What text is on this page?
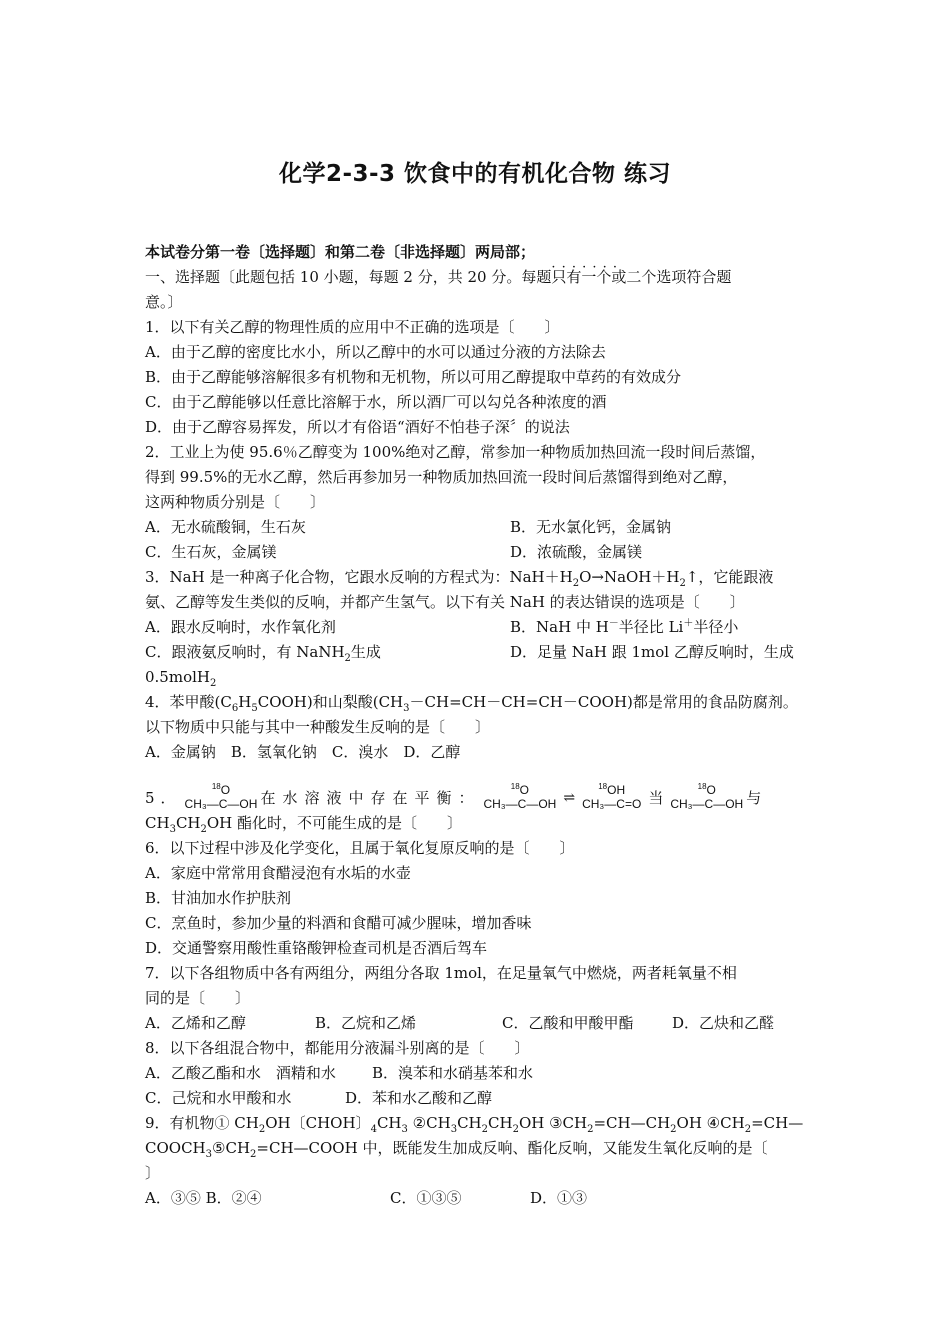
化学2-3-3 饮食中的有机化合物 练习

本试卷分第一卷〔选择题〕和第二卷〔非选择题〕两局部；

一、选择题〔此题包括 10 小题，每题 2 分，共 20 分。每题· · · 只有一个或二个选项符合题

意。〕

1．以下有关乙醇的物理性质的应用中不正确的选项是〔　　〕

A．由于乙醇的密度比水小，所以乙醇中的水可以通过分液的方法除去

B．由于乙醇能够溶解很多有机物和无机物，所以可用乙醇提取中草药的有效成分

C．由于乙醇能够以任意比溶解于水，所以酒厂可以勾兑各种浓度的酒

D．由于乙醇容易挥发，所以才有俗语“酒好不怕巷子深〞的说法

2．工业上为使 95.6％乙醇变为 100%绝对乙醇，常参加一种物质加热回流一段时间后蒸馏，

得到 99.5%的无水乙醇，然后再参加另一种物质加热回流一段时间后蒸馏得到绝对乙醇，

这两种物质分别是〔　　〕

A．无水硫酸铜，生石灰	B．无水氯化钙，金属钠
C．生石灰，金属镁	D．浓硫酸，金属镁

3．NaH 是一种离子化合物，它跟水反响的方程式为：$NaH+H_2O\to NaOH+H_2↑$，它能跟液

氨、乙醇等发生类似的反响，并都产生氢气。以下有关 NaH 的表达错误的选项是〔　　〕

A．跟水反响时，水作氧化剂	B．NaH 中 H－半径比 Li＋半径小
C．跟液氨反响时，有 NaNH$_2$生成	D．足量 NaH 跟 1mol 乙醇反响时，生成

0.5molH$_2$

4．苯甲酸$(C_6H_5COOH)$和山梨酸$(CH_3-CH=CH-CH=CH-COOH)$都是常用的食品防腐剂。

以下物质中只能与其中一种酸发生反响的是〔　　〕

A．金属钠　B．氢氧化钠　C．溴水　D．乙醇

5．
$^{18}$O
CH₃—C—OH 在水溶液中存在平衡：
$^{18}$O
CH₃—C—OH ⇌
$^{18}$OH
CH₃—C=O 当
$^{18}$O
CH₃—C—OH 与

$CH_3CH_2OH$ 酯化时，不可能生成的是〔　　〕

6．以下过程中涉及化学变化，且属于氧化复原反响的是〔　　〕

A．家庭中常常用食醋浸泡有水垢的水壶

B．甘油加水作护肤剂

C．烹鱼时，参加少量的料酒和食醋可减少腥味，增加香味

D．交通警察用酸性重铬酸钾检查司机是否酒后驾车

7．以下各组物质中各有两组分，两组分各取 1mol，在足量氧气中燃烧，两者耗氧量不相

同的是〔　　〕

A．乙烯和乙醇	B．乙烷和乙烯	C．乙酸和甲酸甲酯	D．乙炔和乙醛

8．以下各组混合物中，都能用分液漏斗别离的是〔　　〕

A．乙酸乙酯和水　酒精和水 B．溴苯和水硝基苯和水

C．己烷和水甲酸和水	D．苯和水乙酸和乙醇

9．有机物① $CH_2OH$〔CHOH〕$_4CH_3$ $②CH_3CH_2CH_2OH$ $③CH_2=CH—CH_2OH$ $④CH_2=CH—$

$COOCH_3⑤CH_2=CH—COOH$ 中，既能发生加成反响、酯化反响，又能发生氧化反响的是〔

〕

A．③⑤ B．②④	C．①③⑤	D．①③
